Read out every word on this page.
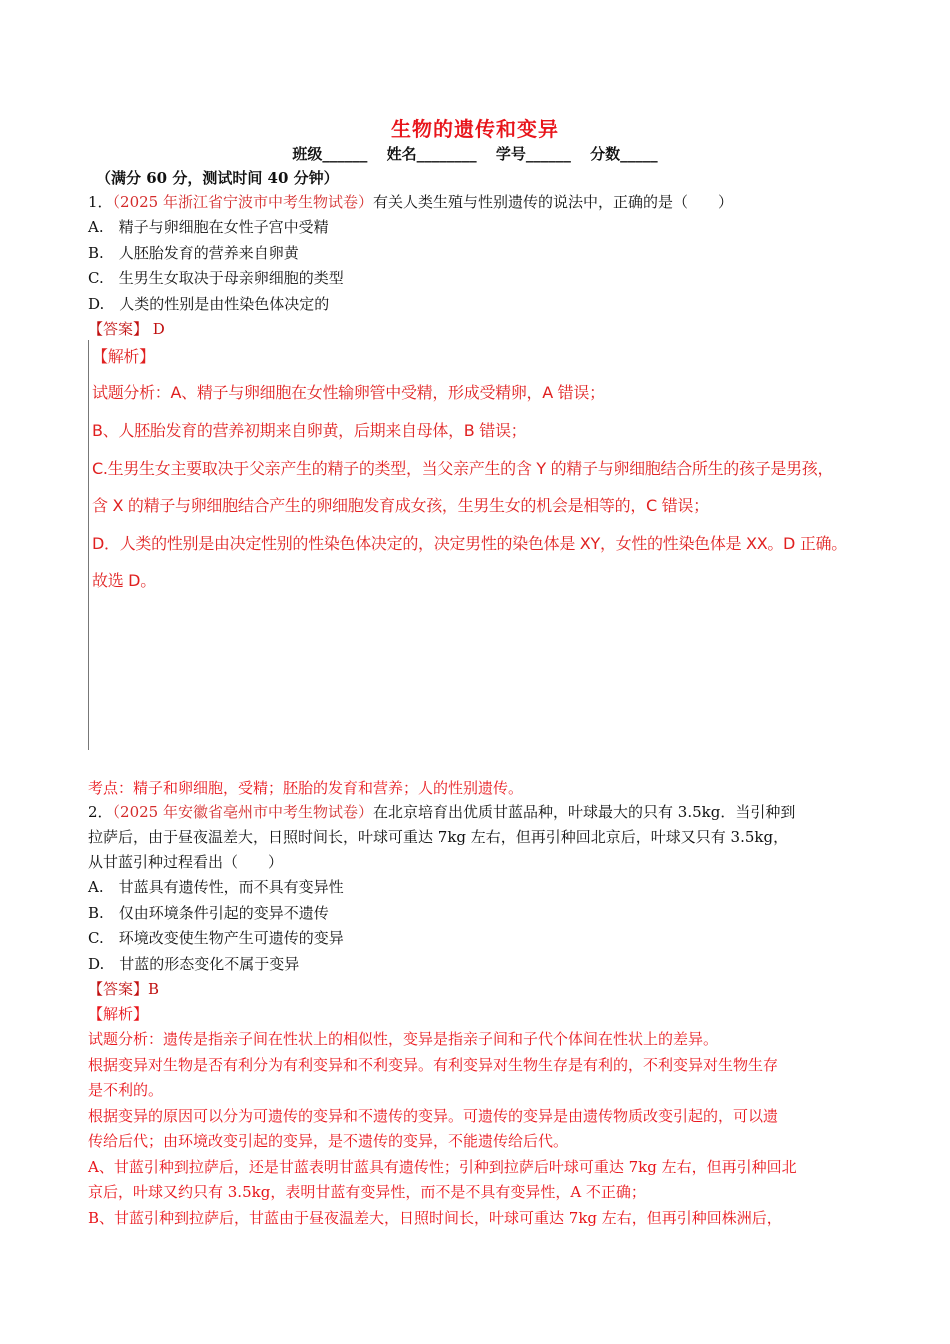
生物的遗传和变异
班级______ 姓名________ 学号______ 分数_____
（满分 60 分，测试时间 40 分钟）
1．（2025 年浙江省宁波市中考生物试卷）有关人类生殖与性别遗传的说法中，正确的是（　　）
A.　精子与卵细胞在女性子宫中受精
B.　人胚胎发育的营养来自卵黄
C.　生男生女取决于母亲卵细胞的类型
D.　人类的性别是由性染色体决定的
【答案】 D
【解析】
试题分析：A、精子与卵细胞在女性输卵管中受精，形成受精卵，A 错误；
B、人胚胎发育的营养初期来自卵黄，后期来自母体，B 错误；
C.生男生女主要取决于父亲产生的精子的类型，当父亲产生的含 Y 的精子与卵细胞结合所生的孩子是男孩，
含 X 的精子与卵细胞结合产生的卵细胞发育成女孩，生男生女的机会是相等的，C 错误；
D．人类的性别是由决定性别的性染色体决定的，决定男性的染色体是 XY，女性的性染色体是 XX。D 正确。
故选 D。
考点：精子和卵细胞，受精；胚胎的发育和营养；人的性别遗传。
2．（2025 年安徽省亳州市中考生物试卷）在北京培育出优质甘蓝品种，叶球最大的只有 3.5kg．当引种到
拉萨后，由于昼夜温差大，日照时间长，叶球可重达 7kg 左右，但再引种回北京后，叶球又只有 3.5kg，
从甘蓝引种过程看出（　　）
A.　甘蓝具有遗传性，而不具有变异性
B.　仅由环境条件引起的变异不遗传
C.　环境改变使生物产生可遗传的变异
D.　甘蓝的形态变化不属于变异
【答案】B
【解析】
试题分析：遗传是指亲子间在性状上的相似性，变异是指亲子间和子代个体间在性状上的差异。
根据变异对生物是否有利分为有利变异和不利变异。有利变异对生物生存是有利的，不利变异对生物生存
是不利的。
根据变异的原因可以分为可遗传的变异和不遗传的变异。可遗传的变异是由遗传物质改变引起的，可以遗
传给后代；由环境改变引起的变异，是不遗传的变异，不能遗传给后代。
A、甘蓝引种到拉萨后，还是甘蓝表明甘蓝具有遗传性；引种到拉萨后叶球可重达 7kg 左右，但再引种回北
京后，叶球又约只有 3.5kg，表明甘蓝有变异性，而不是不具有变异性，A 不正确；
B、甘蓝引种到拉萨后，甘蓝由于昼夜温差大，日照时间长，叶球可重达 7kg 左右，但再引种回株洲后，
